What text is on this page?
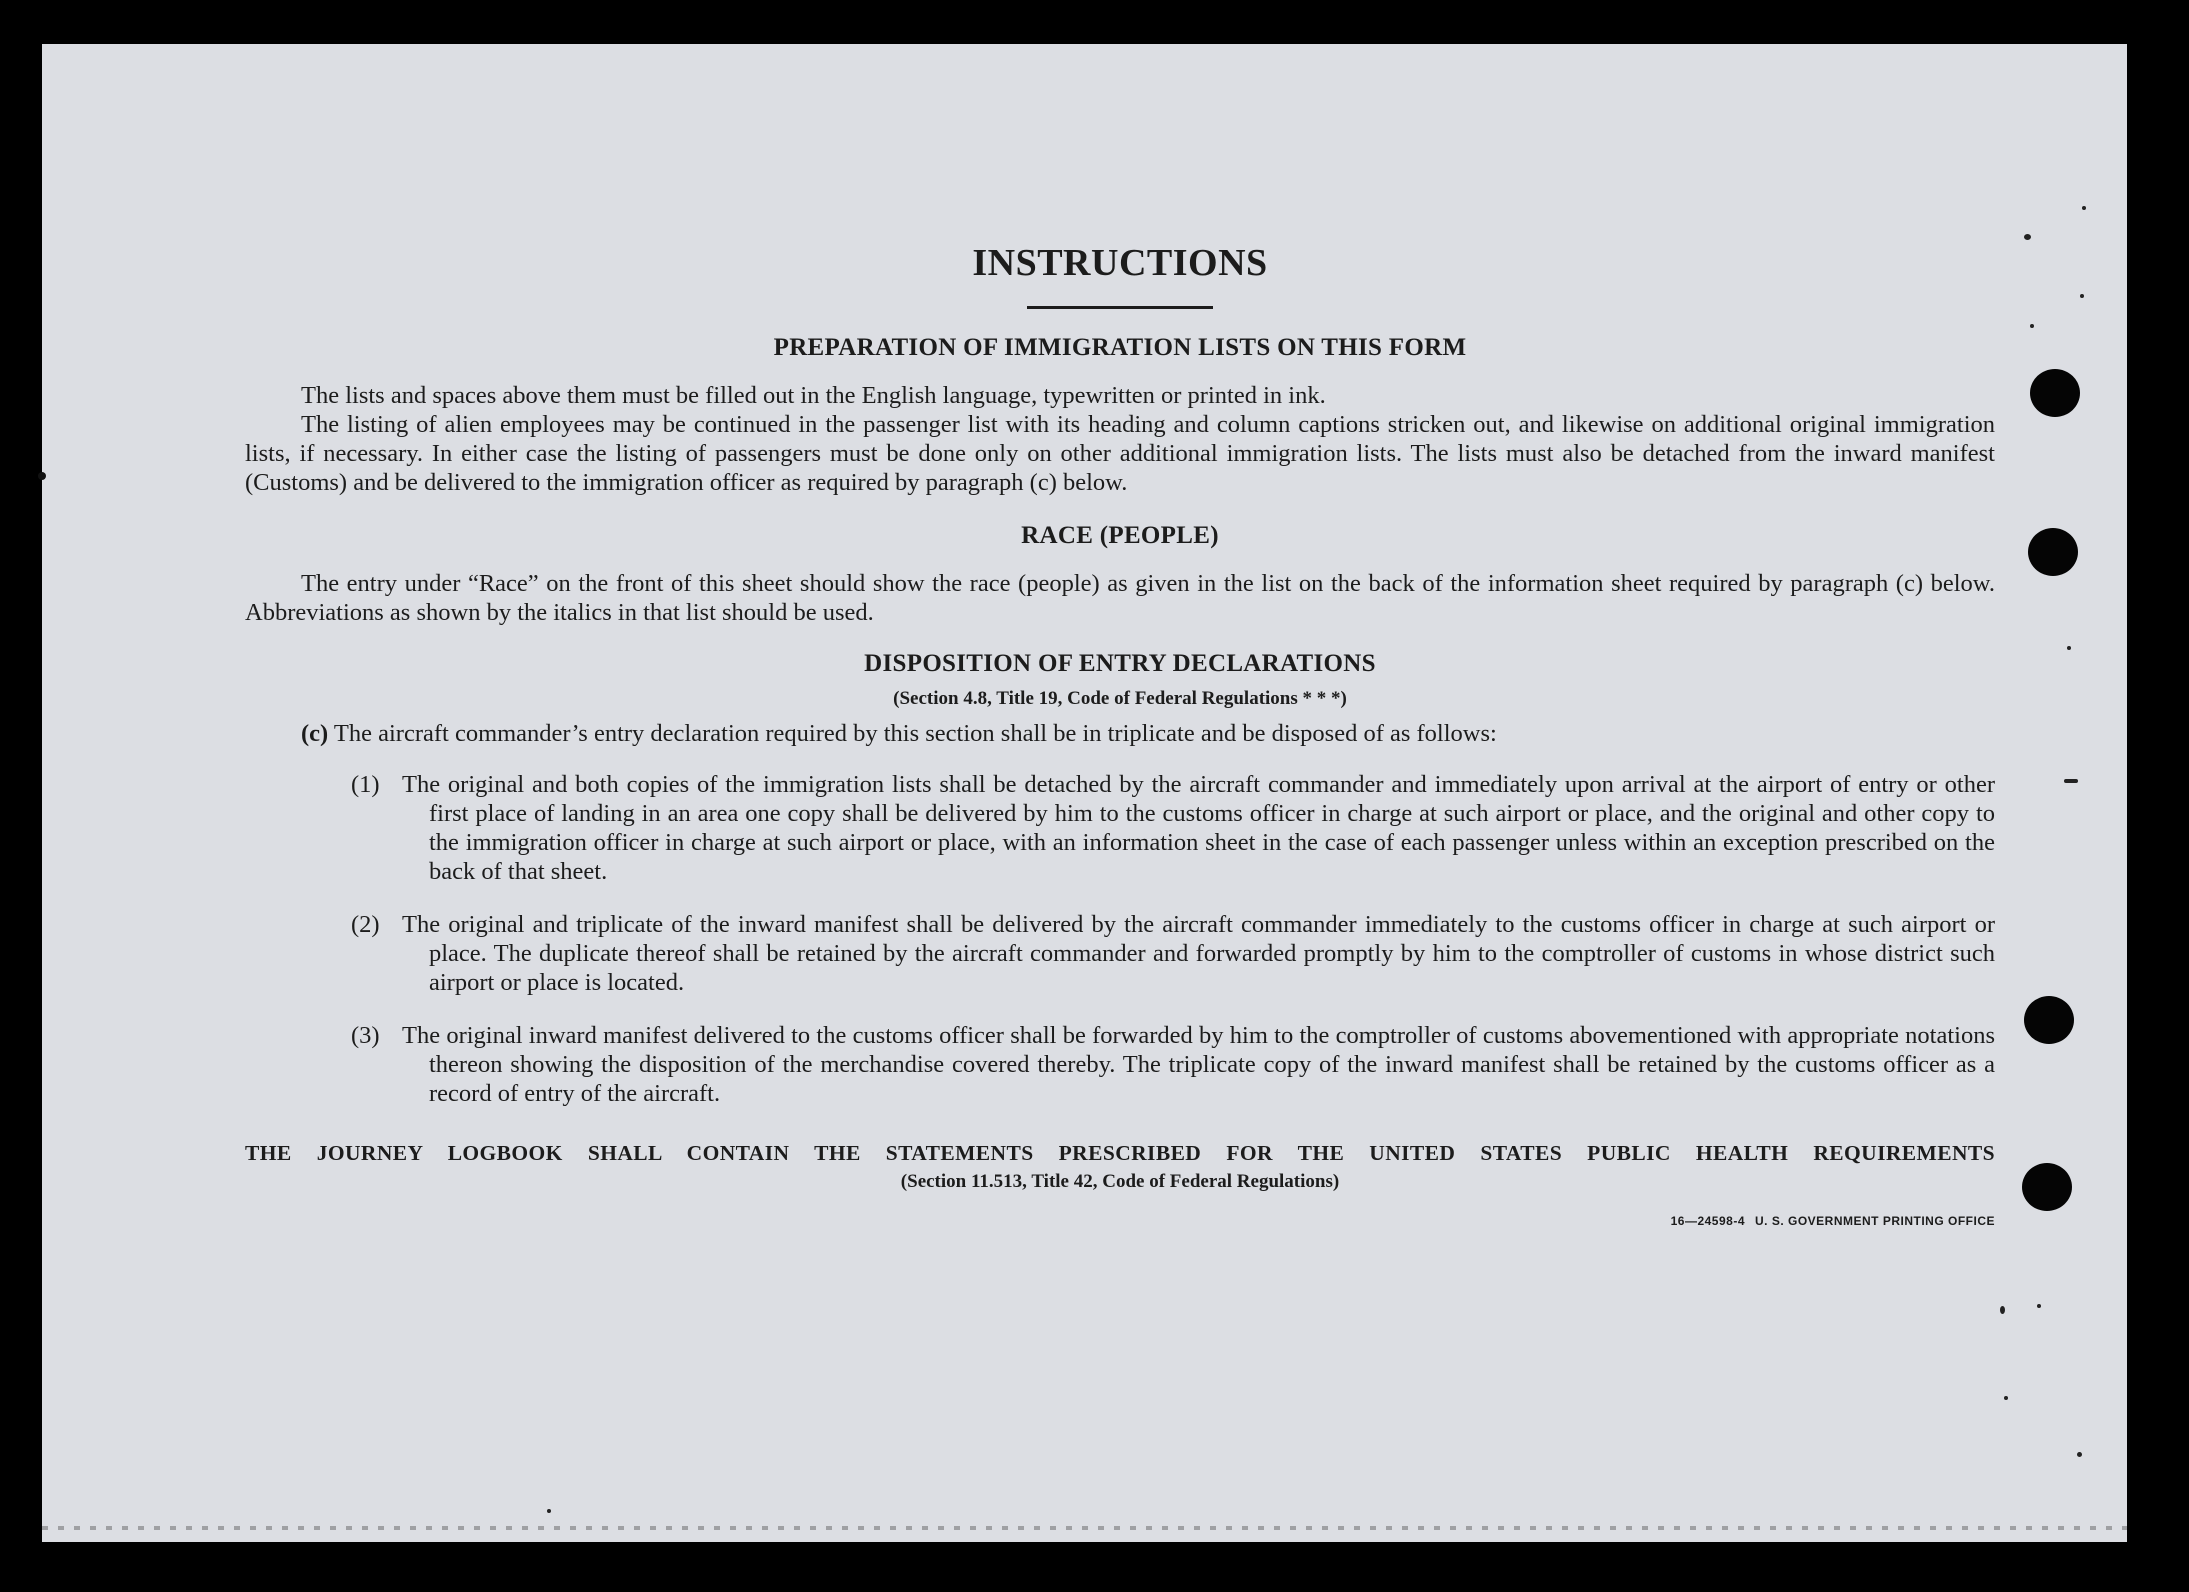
INSTRUCTIONS
PREPARATION OF IMMIGRATION LISTS ON THIS FORM

The lists and spaces above them must be filled out in the English language, typewritten or printed in ink.

The listing of alien employees may be continued in the passenger list with its heading and column captions stricken out, and likewise on additional original immigration lists, if necessary. In either case the listing of passengers must be done only on other additional immigration lists. The lists must also be detached from the inward manifest (Customs) and be delivered to the immigration officer as required by paragraph (c) below.

RACE (PEOPLE)

The entry under “Race” on the front of this sheet should show the race (people) as given in the list on the back of the information sheet required by paragraph (c) below. Abbreviations as shown by the italics in that list should be used.

DISPOSITION OF ENTRY DECLARATIONS

(Section 4.8, Title 19, Code of Federal Regulations * * *)

(c) The aircraft commander’s entry declaration required by this section shall be in triplicate and be disposed of as follows:

(1) The original and both copies of the immigration lists shall be detached by the aircraft commander and immediately upon arrival at the airport of entry or other first place of landing in an area one copy shall be delivered by him to the customs officer in charge at such airport or place, and the original and other copy to the immigration officer in charge at such airport or place, with an information sheet in the case of each passenger unless within an exception prescribed on the back of that sheet.
(2) The original and triplicate of the inward manifest shall be delivered by the aircraft commander immediately to the customs officer in charge at such airport or place. The duplicate thereof shall be retained by the aircraft commander and forwarded promptly by him to the comptroller of customs in whose district such airport or place is located.
(3) The original inward manifest delivered to the customs officer shall be forwarded by him to the comptroller of customs abovementioned with appropriate notations thereon showing the disposition of the merchandise covered thereby. The triplicate copy of the inward manifest shall be retained by the customs officer as a record of entry of the aircraft.

THE JOURNEY LOGBOOK SHALL CONTAIN THE STATEMENTS PRESCRIBED FOR THE UNITED STATES PUBLIC HEALTH REQUIREMENTS

(Section 11.513, Title 42, Code of Federal Regulations)

16—24598-4 U. S. GOVERNMENT PRINTING OFFICE
